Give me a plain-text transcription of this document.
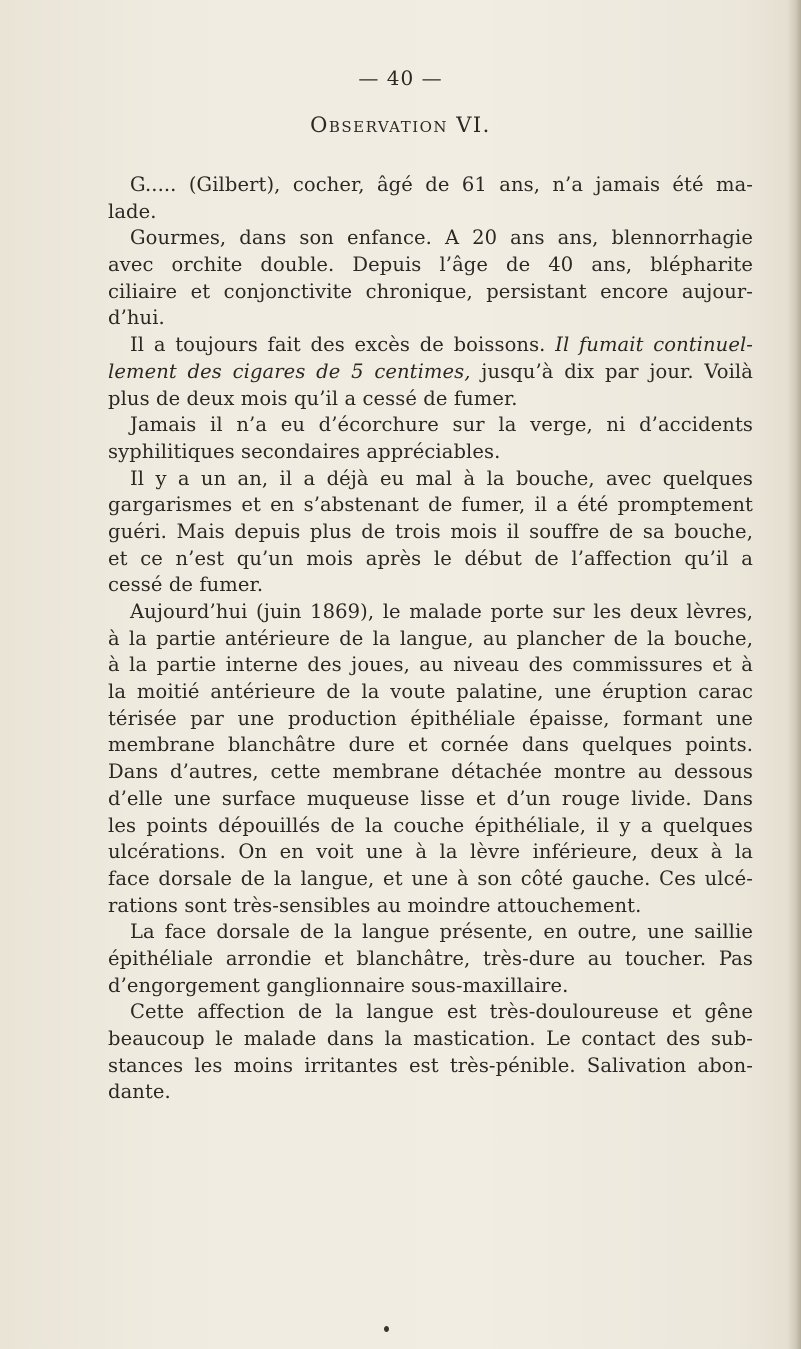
— 40 —
Observation VI.
G..... (Gilbert), cocher, âgé de 61 ans, n’a jamais été ma-
lade.
Gourmes, dans son enfance. A 20 ans ans, blennorrhagie
avec orchite double. Depuis l’âge de 40 ans, blépharite
ciliaire et conjonctivite chronique, persistant encore aujour-
d’hui.
Il a toujours fait des excès de boissons. Il fumait continuel-
lement des cigares de 5 centimes, jusqu’à dix par jour. Voilà
plus de deux mois qu’il a cessé de fumer.
Jamais il n’a eu d’écorchure sur la verge, ni d’accidents
syphilitiques secondaires appréciables.
Il y a un an, il a déjà eu mal à la bouche, avec quelques
gargarismes et en s’abstenant de fumer, il a été promptement
guéri. Mais depuis plus de trois mois il souffre de sa bouche,
et ce n’est qu’un mois après le début de l’affection qu’il a
cessé de fumer.
Aujourd’hui (juin 1869), le malade porte sur les deux lèvres,
à la partie antérieure de la langue, au plancher de la bouche,
à la partie interne des joues, au niveau des commissures et à
la moitié antérieure de la voute palatine, une éruption carac
térisée par une production épithéliale épaisse, formant une
membrane blanchâtre dure et cornée dans quelques points.
Dans d’autres, cette membrane détachée montre au dessous
d’elle une surface muqueuse lisse et d’un rouge livide. Dans
les points dépouillés de la couche épithéliale, il y a quelques
ulcérations. On en voit une à la lèvre inférieure, deux à la
face dorsale de la langue, et une à son côté gauche. Ces ulcé-
rations sont très-sensibles au moindre attouchement.
La face dorsale de la langue présente, en outre, une saillie
épithéliale arrondie et blanchâtre, très-dure au toucher. Pas
d’engorgement ganglionnaire sous-maxillaire.
Cette affection de la langue est très-douloureuse et gêne
beaucoup le malade dans la mastication. Le contact des sub-
stances les moins irritantes est très-pénible. Salivation abon-
dante.
